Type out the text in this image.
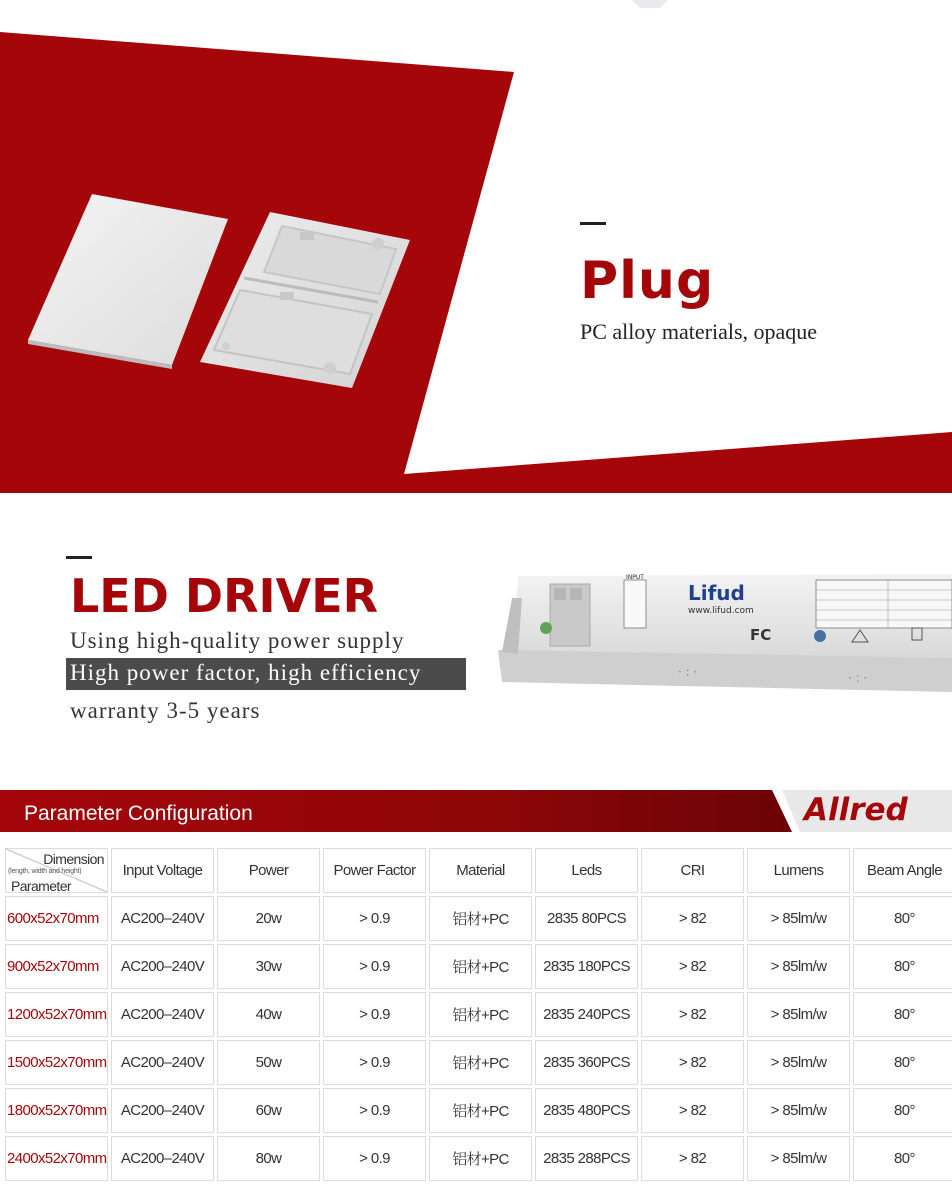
Plug
PC alloy materials, opaque
LED DRIVER
Using high-quality power supply
High power factor, high efficiency
warranty 3-5 years
Lifud
www.lifud.com
INPUT
FC
· : ·	· : ·
Parameter Configuration	Allred
Dimension
(length, width and height)
Parameter	Input Voltage	Power	Power Factor	Material	Leds	CRI	Lumens	Beam Angle
600x52x70mm	AC200–240V	20w	> 0.9	铝材+PC	2835 80PCS	> 82	> 85lm/w	80°
900x52x70mm	AC200–240V	30w	> 0.9	铝材+PC	2835 180PCS	> 82	> 85lm/w	80°
1200x52x70mm	AC200–240V	40w	> 0.9	铝材+PC	2835 240PCS	> 82	> 85lm/w	80°
1500x52x70mm	AC200–240V	50w	> 0.9	铝材+PC	2835 360PCS	> 82	> 85lm/w	80°
1800x52x70mm	AC200–240V	60w	> 0.9	铝材+PC	2835 480PCS	> 82	> 85lm/w	80°
2400x52x70mm	AC200–240V	80w	> 0.9	铝材+PC	2835 288PCS	> 82	> 85lm/w	80°
